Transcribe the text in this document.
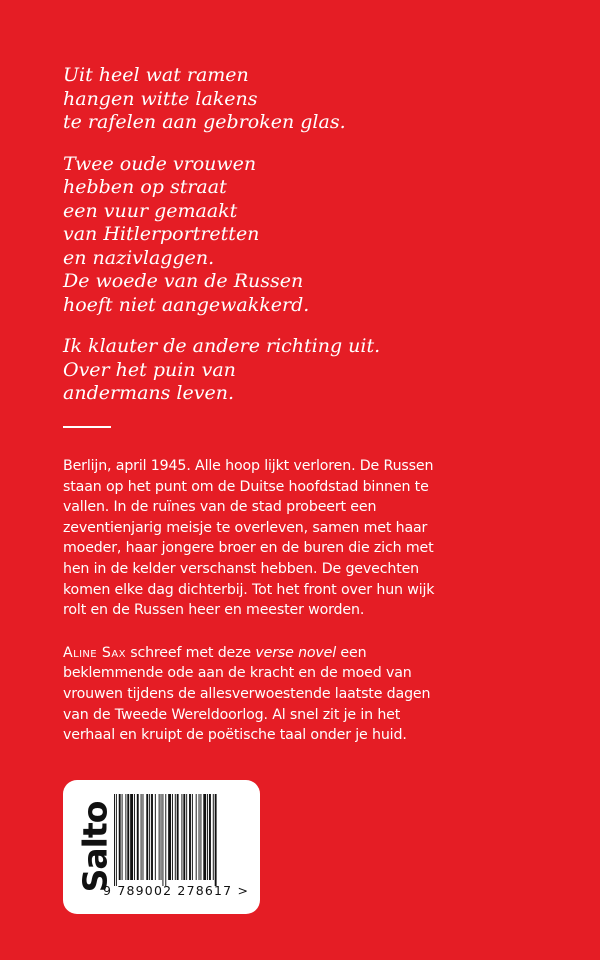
Uit heel wat ramen
hangen witte lakens
te rafelen aan gebroken glas.
Twee oude vrouwen
hebben op straat
een vuur gemaakt
van Hitlerportretten
en nazivlaggen.
De woede van de Russen
hoeft niet aangewakkerd.
Ik klauter de andere richting uit.
Over het puin van
andermans leven.

Berlijn, april 1945. Alle hoop lijkt verloren. De Russen
staan op het punt om de Duitse hoofdstad binnen te
vallen. In de ruïnes van de stad probeert een
zeventienjarig meisje te overleven, samen met haar
moeder, haar jongere broer en de buren die zich met
hen in de kelder verschanst hebben. De gevechten
komen elke dag dichterbij. Tot het front over hun wijk
rolt en de Russen heer en meester worden.

Aline Sax schreef met deze verse novel een
beklemmende ode aan de kracht en de moed van
vrouwen tijdens de allesverwoestende laatste dagen
van de Tweede Wereldoorlog. Al snel zit je in het
verhaal en kruipt de poëtische taal onder je huid.

Salto
9 789002 278617 >
